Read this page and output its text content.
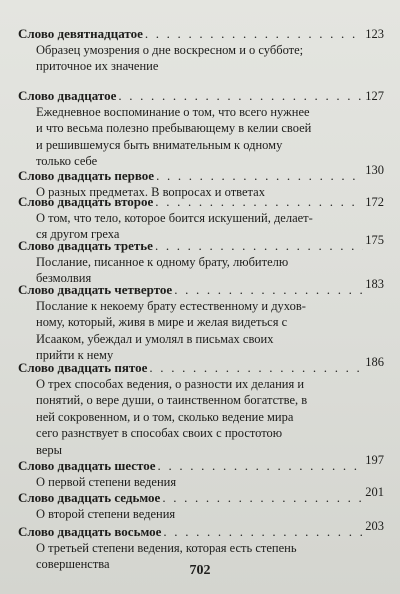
Слово девятнадцатое . . .	123
Образец умозрения о дне воскресном и о субботе;
приточное их значение
Слово двадцатое . . .	127
Ежедневное воспоминание о том, что всего нужнее
и что весьма полезно пребывающему в келии своей
и решившемуся быть внимательным к одному
только себе
Слово двадцать первое . . .	130
О разных предметах. В вопросах и ответах
Слово двадцать второе . . .	172
О том, что тело, которое боится искушений, делает-
ся другом греха
Слово двадцать третье . . .	175
Послание, писанное к одному брату, любителю
безмолвия
Слово двадцать четвертое . . .	183
Послание к некоему брату естественному и духов-
ному, который, живя в мире и желая видеться с
Исааком, убеждал и умолял в письмах своих
прийти к нему
Слово двадцать пятое . . .	186
О трех способах ведения, о разности их делания и
понятий, о вере души, о таинственном богатстве, в
ней сокровенном, и о том, сколько ведение мира
сего разнствует в способах своих с простотою
веры
Слово двадцать шестое . . .	197
О первой степени ведения
Слово двадцать седьмое . . .	201
О второй степени ведения
Слово двадцать восьмое . . .	203
О третьей степени ведения, которая есть степень
совершенства	702
